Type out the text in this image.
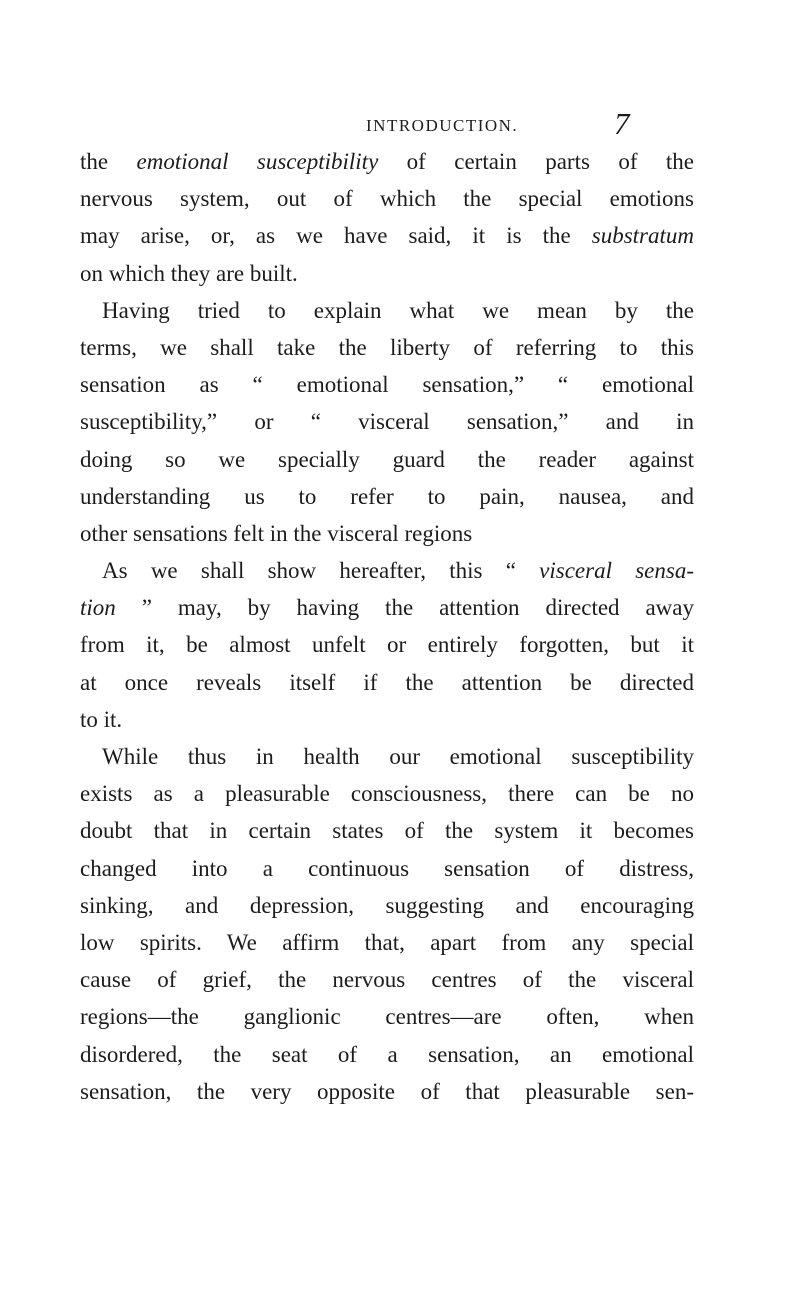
INTRODUCTION.	7
the emotional susceptibility of certain parts of the
nervous system, out of which the special emotions
may arise, or, as we have said, it is the substratum
on which they are built.
Having tried to explain what we mean by the
terms, we shall take the liberty of referring to this
sensation as “ emotional sensation,” “ emotional
susceptibility,” or “ visceral sensation,” and in
doing so we specially guard the reader against
understanding us to refer to pain, nausea, and
other sensations felt in the visceral regions
As we shall show hereafter, this “ visceral sensa-
tion ” may, by having the attention directed away
from it, be almost unfelt or entirely forgotten, but it
at once reveals itself if the attention be directed
to it.
While thus in health our emotional susceptibility
exists as a pleasurable consciousness, there can be no
doubt that in certain states of the system it becomes
changed into a continuous sensation of distress,
sinking, and depression, suggesting and encouraging
low spirits. We affirm that, apart from any special
cause of grief, the nervous centres of the visceral
regions—the ganglionic centres—are often, when
disordered, the seat of a sensation, an emotional
sensation, the very opposite of that pleasurable sen-
